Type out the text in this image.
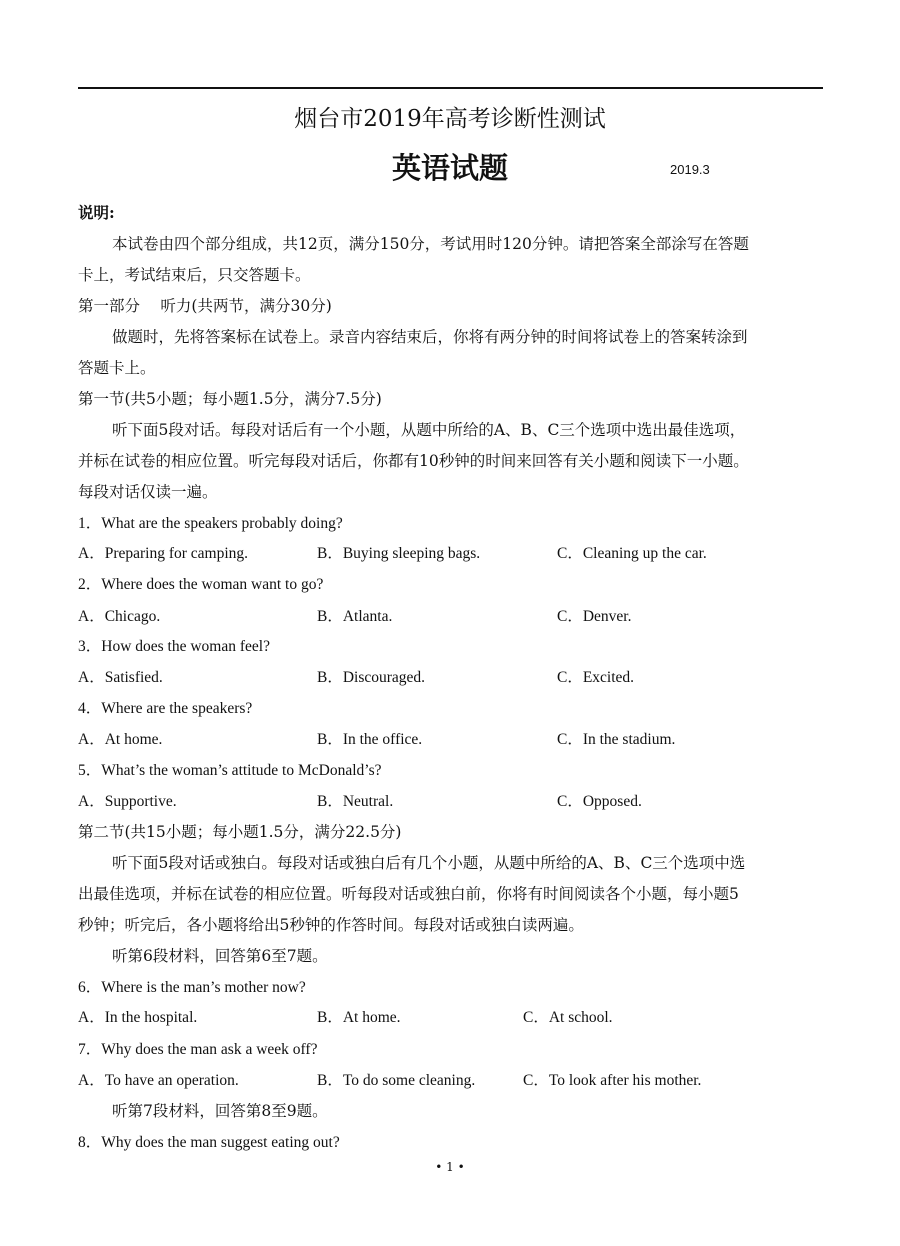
烟台市2019年高考诊断性测试
英语试题	2019.3
说明:
本试卷由四个部分组成，共12页，满分150分，考试用时120分钟。请把答案全部涂写在答题
卡上，考试结束后，只交答题卡。
第一部分　 听力(共两节，满分30分)
做题时，先将答案标在试卷上。录音内容结束后，你将有两分钟的时间将试卷上的答案转涂到
答题卡上。
第一节(共5小题；每小题1.5分，满分7.5分)
听下面5段对话。每段对话后有一个小题，从题中所给的A、B、C三个选项中选出最佳选项，
并标在试卷的相应位置。听完每段对话后，你都有10秒钟的时间来回答有关小题和阅读下一小题。
每段对话仅读一遍。
1．What are the speakers probably doing?
A．Preparing for camping.	B．Buying sleeping bags.	C．Cleaning up the car.
2．Where does the woman want to go?
A．Chicago.	B．Atlanta.	C．Denver.
3．How does the woman feel?
A．Satisfied.	B．Discouraged.	C．Excited.
4．Where are the speakers?
A．At home.	B．In the office.	C．In the stadium.
5．What’s the woman’s attitude to McDonald’s?
A．Supportive.	B．Neutral.	C．Opposed.
第二节(共15小题；每小题1.5分，满分22.5分)
听下面5段对话或独白。每段对话或独白后有几个小题，从题中所给的A、B、C三个选项中选
出最佳选项，并标在试卷的相应位置。听每段对话或独白前，你将有时间阅读各个小题，每小题5
秒钟；听完后，各小题将给出5秒钟的作答时间。每段对话或独白读两遍。
听第6段材料，回答第6至7题。
6．Where is the man’s mother now?
A．In the hospital.	B．At home.	C．At school.
7．Why does the man ask a week off?
A．To have an operation.	B．To do some cleaning.	C．To look after his mother.
听第7段材料，回答第8至9题。
8．Why does the man suggest eating out?
• 1 •
